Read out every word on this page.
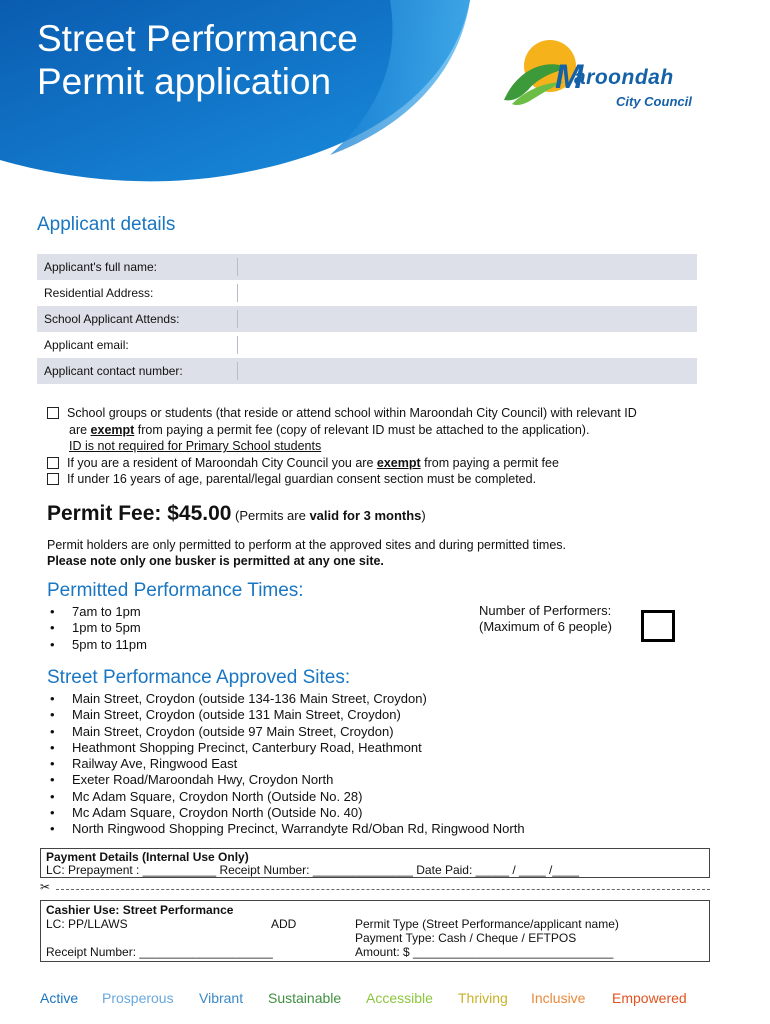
Street Performance
Permit application	M
aroondah
City Council
Applicant details
Applicant's full name:
Residential Address:
School Applicant Attends:
Applicant email:
Applicant contact number:
School groups or students (that reside or attend school within Maroondah City Council) with relevant ID
are exempt from paying a permit fee (copy of relevant ID must be attached to the application).
ID is not required for Primary School students
If you are a resident of Maroondah City Council you are exempt from paying a permit fee
If under 16 years of age, parental/legal guardian consent section must be completed.
Permit Fee: $45.00 (Permits are valid for 3 months)
Permit holders are only permitted to perform at the approved sites and during permitted times.
Please note only one busker is permitted at any one site.
Permitted Performance Times:
• 7am to 1pm
• 1pm to 5pm
• 5pm to 11pm
Number of Performers:
(Maximum of 6 people)
Street Performance Approved Sites:
• Main Street, Croydon (outside 134-136 Main Street, Croydon)
• Main Street, Croydon (outside 131 Main Street, Croydon)
• Main Street, Croydon (outside 97 Main Street, Croydon)
• Heathmont Shopping Precinct, Canterbury Road, Heathmont
• Railway Ave, Ringwood East
• Exeter Road/Maroondah Hwy, Croydon North
• Mc Adam Square, Croydon North (Outside No. 28)
• Mc Adam Square, Croydon North (Outside No. 40)
• North Ringwood Shopping Precinct, Warrandyte Rd/Oban Rd, Ringwood North
Payment Details (Internal Use Only)
LC: Prepayment : ___________ Receipt Number: _______________ Date Paid: _____ / ____ /____
✂
Cashier Use: Street Performance
LC: PP/LLAWS	ADD
Receipt Number: ____________________
Permit Type (Street Performance/applicant name)
Payment Type: Cash / Cheque / EFTPOS
Amount: $ ______________________________
Active Prosperous Vibrant Sustainable Accessible Thriving Inclusive Empowered
